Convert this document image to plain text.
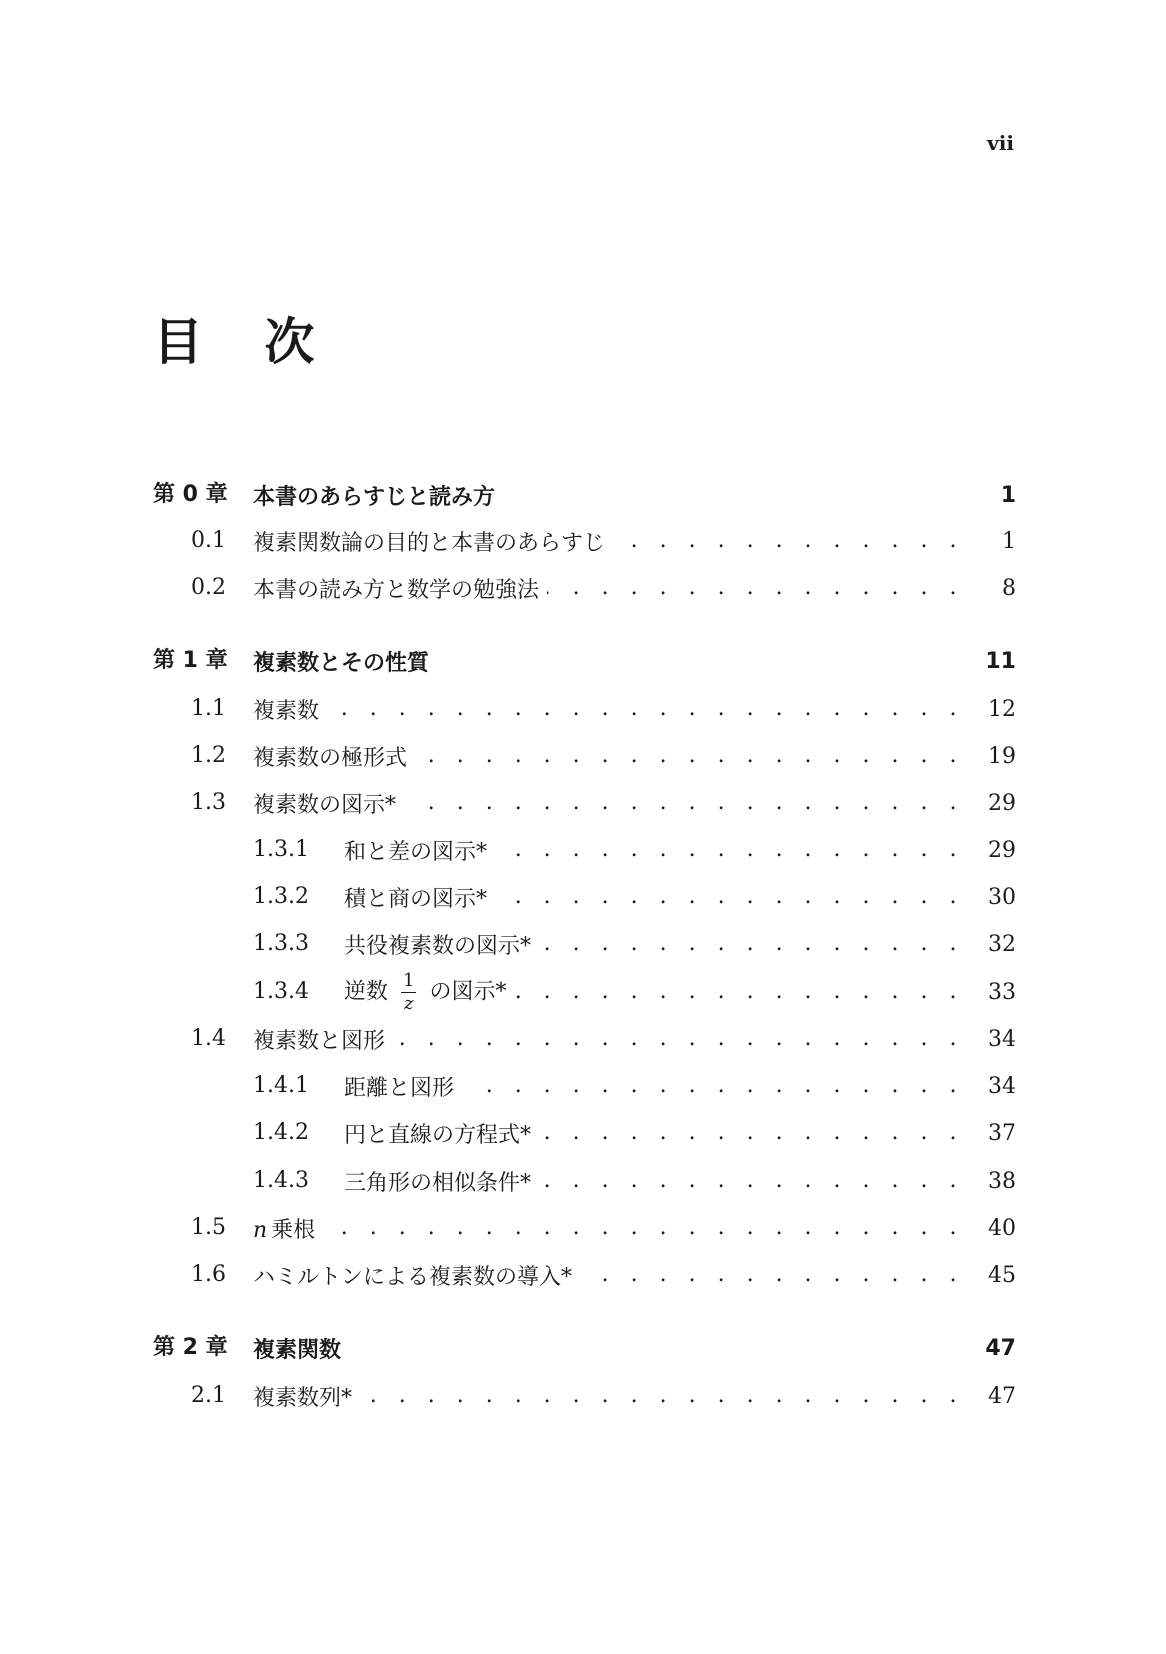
vii
目 次
第 0 章 本書のあらすじと読み方	1
0.1 複素関数論の目的と本書のあらすじ . . .	1
0.2 本書の読み方と数学の勉強法 . . .	8
第 1 章 複素数とその性質	11
1.1 複素数 . . .	12
1.2 複素数の極形式 . . .	19
1.3 複素数の図示* . . .	29
1.3.1 和と差の図示* . . .	29
1.3.2 積と商の図示* . . .	30
1.3.3 共役複素数の図示* . . .	32
1.3.4 逆数 $\frac{1}{z}$ の図示* . . .	33
1.4 複素数と図形 . . .	34
1.4.1 距離と図形 . . .	34
1.4.2 円と直線の方程式* . . .	37
1.4.3 三角形の相似条件* . . .	38
1.5 n 乗根 . . .	40
1.6 ハミルトンによる複素数の導入* . . .	45
第 2 章 複素関数	47
2.1 複素数列* . . .	47
